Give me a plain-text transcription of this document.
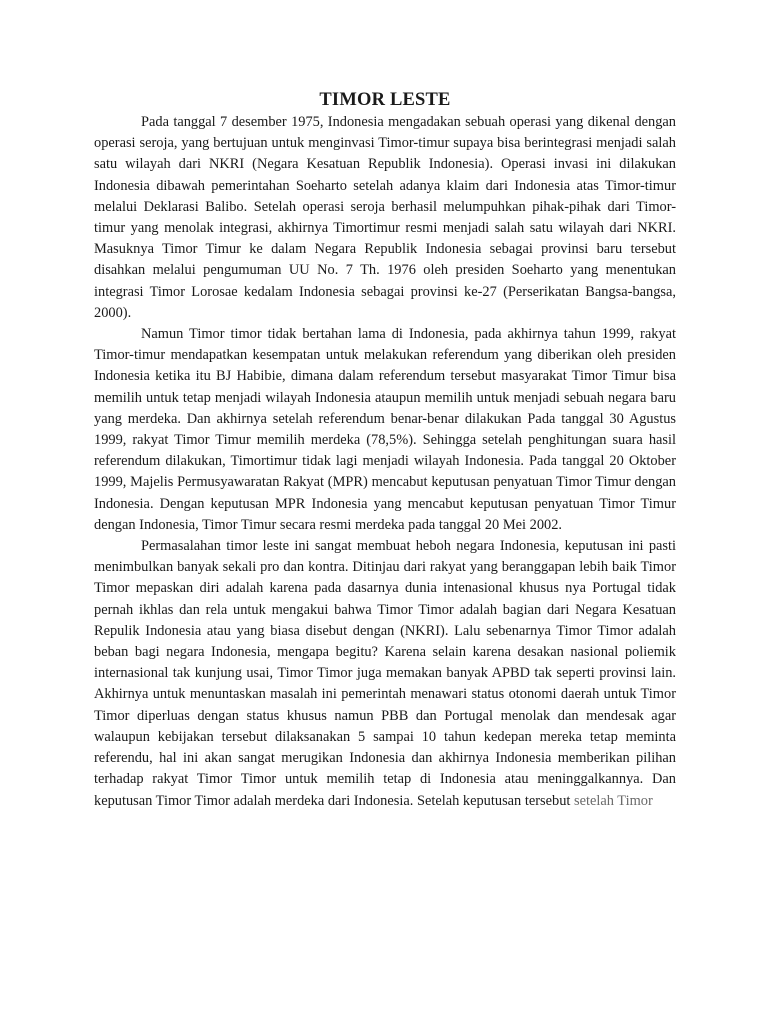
TIMOR LESTE

Pada tanggal 7 desember 1975, Indonesia mengadakan sebuah operasi yang dikenal dengan operasi seroja, yang bertujuan untuk menginvasi Timor-timur supaya bisa berintegrasi menjadi salah satu wilayah dari NKRI (Negara Kesatuan Republik Indonesia). Operasi invasi ini dilakukan Indonesia dibawah pemerintahan Soeharto setelah adanya klaim dari Indonesia atas Timor-timur melalui Deklarasi Balibo. Setelah operasi seroja berhasil melumpuhkan pihak-pihak dari Timor-timur yang menolak integrasi, akhirnya Timortimur resmi menjadi salah satu wilayah dari NKRI. Masuknya Timor Timur ke dalam Negara Republik Indonesia sebagai provinsi baru tersebut disahkan melalui pengumuman UU No. 7 Th. 1976 oleh presiden Soeharto yang menentukan integrasi Timor Lorosae kedalam Indonesia sebagai provinsi ke-27 (Perserikatan Bangsa-bangsa, 2000).

Namun Timor timor tidak bertahan lama di Indonesia, pada akhirnya tahun 1999, rakyat Timor-timur mendapatkan kesempatan untuk melakukan referendum yang diberikan oleh presiden Indonesia ketika itu BJ Habibie, dimana dalam referendum tersebut masyarakat Timor Timur bisa memilih untuk tetap menjadi wilayah Indonesia ataupun memilih untuk menjadi sebuah negara baru yang merdeka. Dan akhirnya setelah referendum benar-benar dilakukan Pada tanggal 30 Agustus 1999, rakyat Timor Timur memilih merdeka (78,5%). Sehingga setelah penghitungan suara hasil referendum dilakukan, Timortimur tidak lagi menjadi wilayah Indonesia. Pada tanggal 20 Oktober 1999, Majelis Permusyawaratan Rakyat (MPR) mencabut keputusan penyatuan Timor Timur dengan Indonesia. Dengan keputusan MPR Indonesia yang mencabut keputusan penyatuan Timor Timur dengan Indonesia, Timor Timur secara resmi merdeka pada tanggal 20 Mei 2002.

Permasalahan timor leste ini sangat membuat heboh negara Indonesia, keputusan ini pasti menimbulkan banyak sekali pro dan kontra. Ditinjau dari rakyat yang beranggapan lebih baik Timor Timor mepaskan diri adalah karena pada dasarnya dunia intenasional khusus nya Portugal tidak pernah ikhlas dan rela untuk mengakui bahwa Timor Timor adalah bagian dari Negara Kesatuan Repulik Indonesia atau yang biasa disebut dengan (NKRI). Lalu sebenarnya Timor Timor adalah beban bagi negara Indonesia, mengapa begitu? Karena selain karena desakan nasional poliemik internasional tak kunjung usai, Timor Timor juga memakan banyak APBD tak seperti provinsi lain. Akhirnya untuk menuntaskan masalah ini pemerintah menawari status otonomi daerah untuk Timor Timor diperluas dengan status khusus namun PBB dan Portugal menolak dan mendesak agar walaupun kebijakan tersebut dilaksanakan 5 sampai 10 tahun kedepan mereka tetap meminta referendu, hal ini akan sangat merugikan Indonesia dan akhirnya Indonesia memberikan pilihan terhadap rakyat Timor Timor untuk memilih tetap di Indonesia atau meninggalkannya. Dan keputusan Timor Timor adalah merdeka dari Indonesia. Setelah keputusan tersebut setelah Timor
